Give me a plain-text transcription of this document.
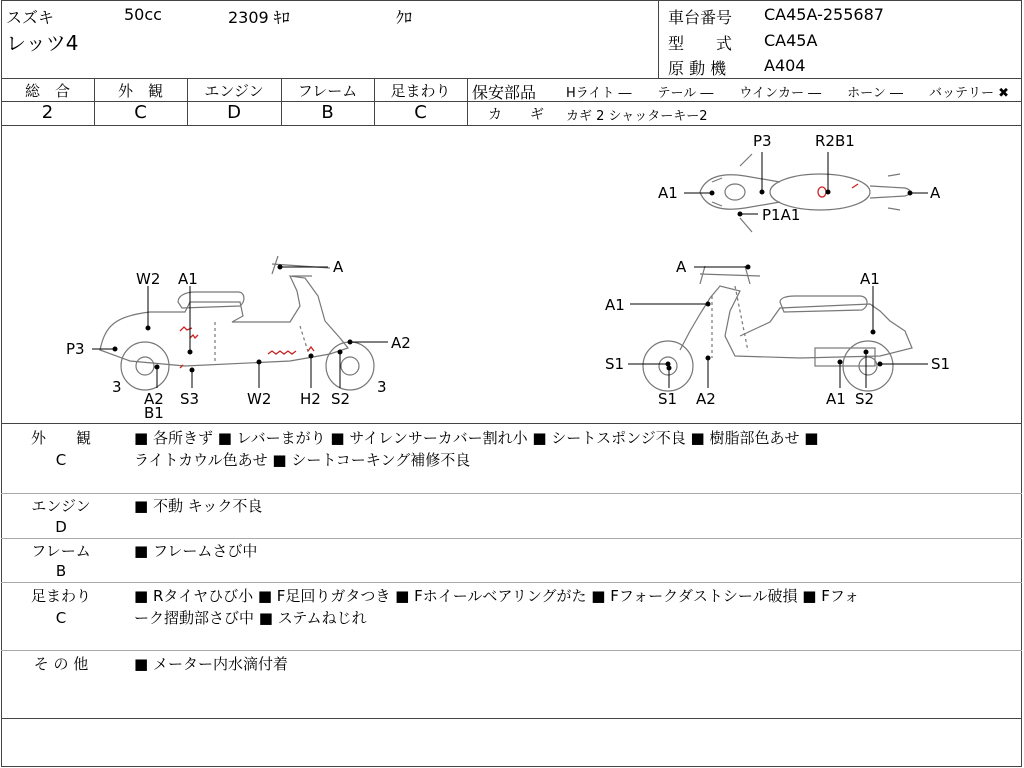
スズキ	50cc	2309 ｷﾛ	ｸﾛ
レッツ4
車台番号 CA45A-255687
型　　式 CA45A
原 動 機 A404
総　合	外　観	エンジン	フレーム	足まわり
2	C	D	B	C
保安部品 Hライト ―　　テール ―　　ウインカー ―　　ホーン ―　　バッテリー ✖
カ　　ギ カギ 2 シャッターキー2
A
W2 A1
P3	A2
3
A2
B1
S3	W2 H2 S2
3
P3	R2B1
A1	A
P1A1
A
A1
A1
S1	S1
S1 A2	A1 S2
外　　観
C
■ 各所きず ■ レバーまがり ■ サイレンサーカバー割れ小 ■ シートスポンジ不良 ■ 樹脂部色あせ ■
ライトカウル色あせ ■ シートコーキング補修不良
エンジン
D
■ 不動 キック不良
フレーム
B
■ フレームさび中
足まわり
C
■ Rタイヤひび小 ■ F足回りガタつき ■ Fホイールベアリングがた ■ Fフォークダストシール破損 ■ Fフォ
ーク摺動部さび中 ■ ステムねじれ
そ の 他	■ メーター内水滴付着
